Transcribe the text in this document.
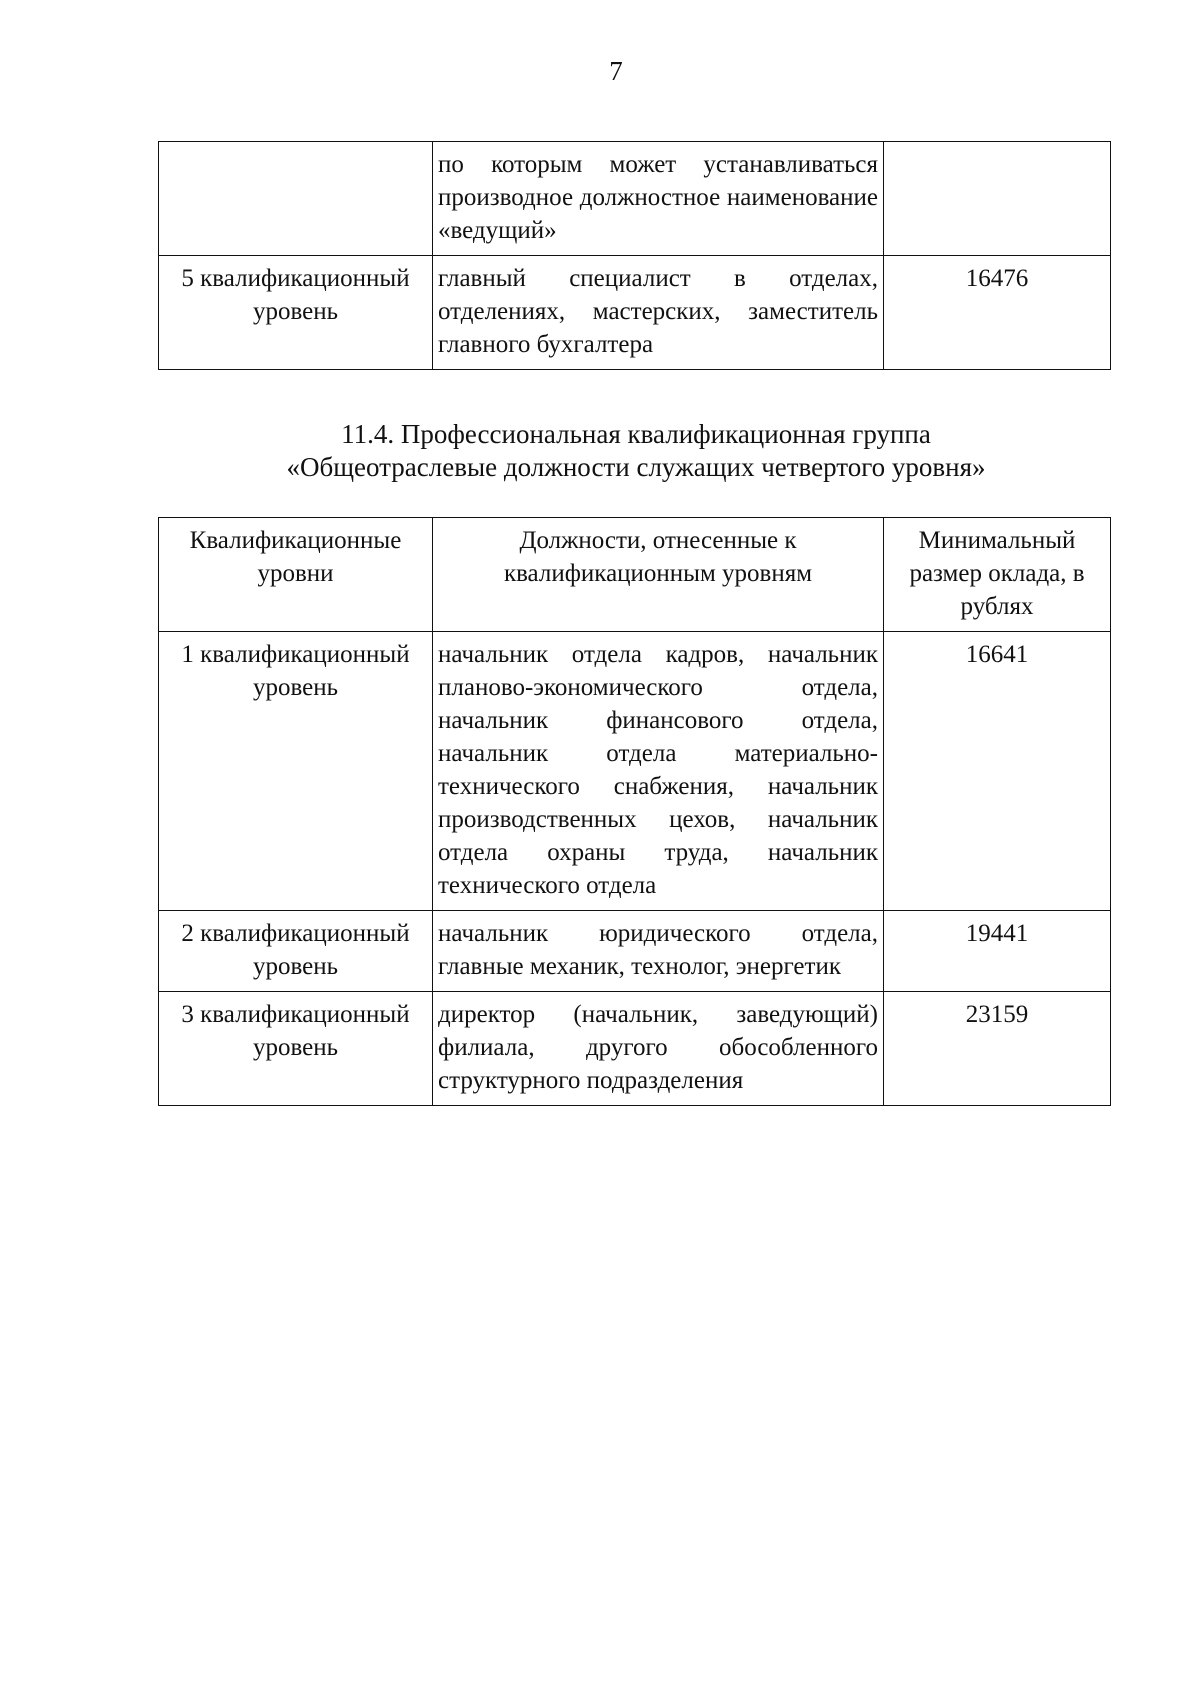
7
	по которым может устанавливаться производное должностное наименование «ведущий»	
5 квалификационный уровень	главный специалист в отделах, отделениях, мастерских, заместитель главного бухгалтера	16476
11.4. Профессиональная квалификационная группа
«Общеотраслевые должности служащих четвертого уровня»
Квалификационные уровни	Должности, отнесенные к квалификационным уровням	Минимальный размер оклада, в рублях
1 квалификационный уровень	начальник отдела кадров, начальник планово-экономического отдела, начальник финансового отдела, начальник отдела материально-технического снабжения, начальник производственных цехов, начальник отдела охраны труда, начальник технического отдела	16641
2 квалификационный уровень	начальник юридического отдела, главные механик, технолог, энергетик	19441
3 квалификационный уровень	директор (начальник, заведующий) филиала, другого обособленного структурного подразделения	23159
